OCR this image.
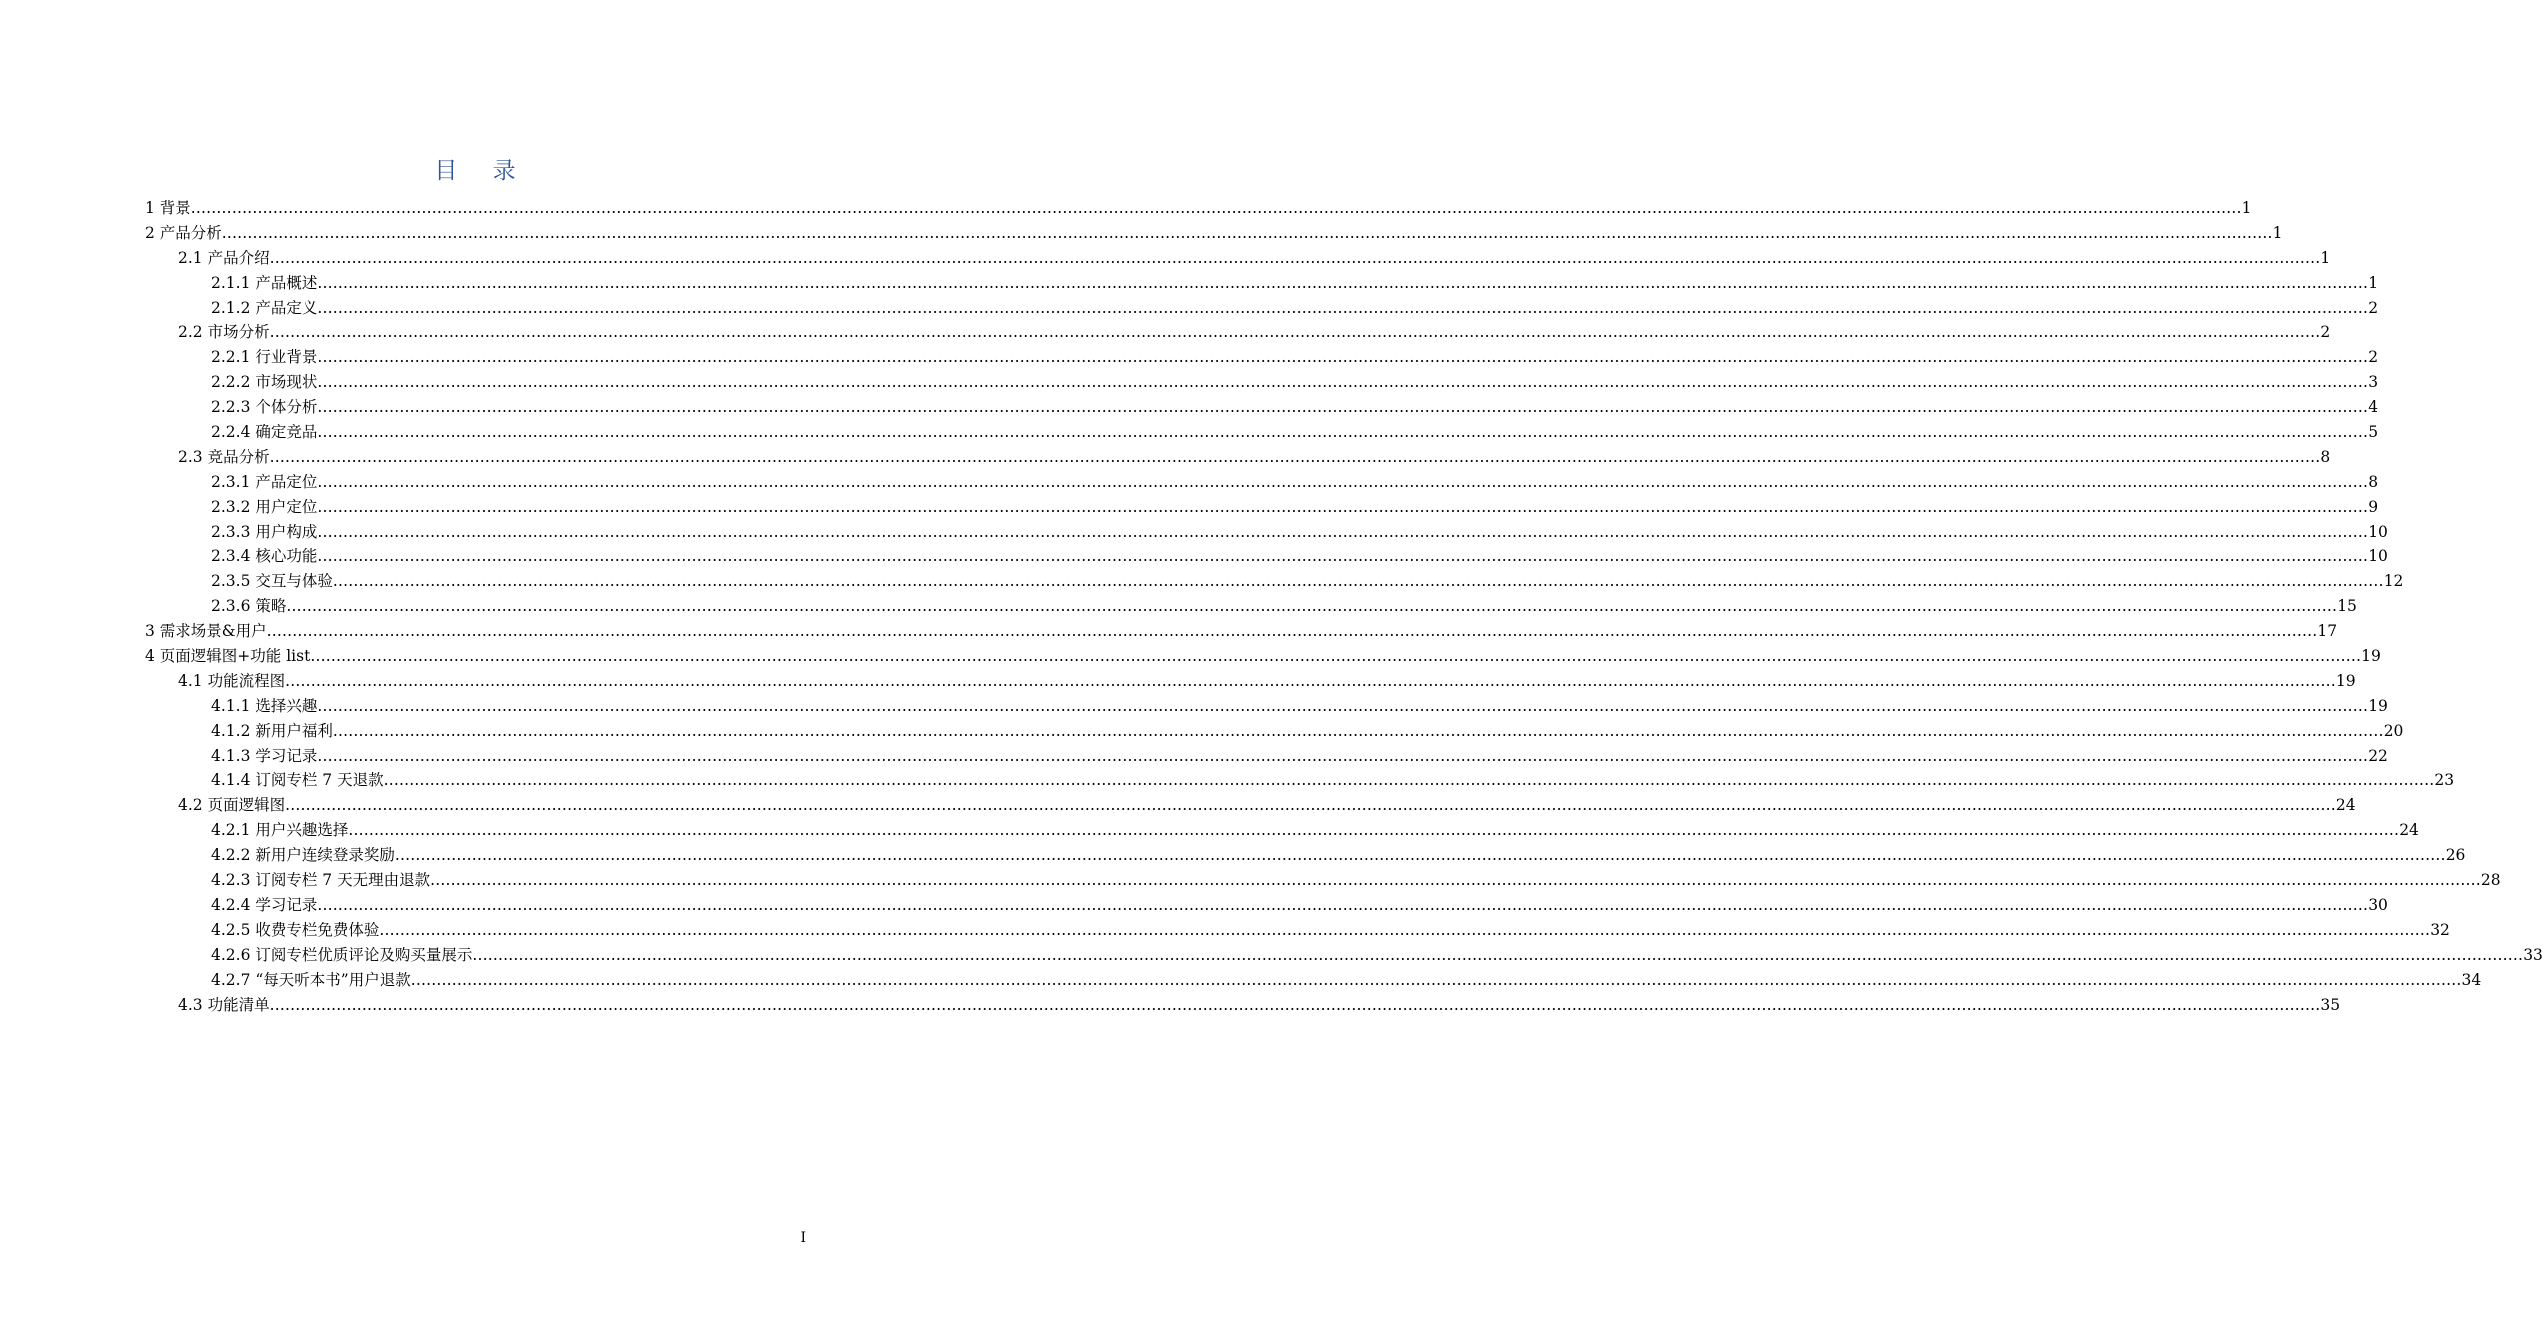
目 录
1 背景 ................................................................................................................................................................................................................................................................................................................................................................................................................ 1
2 产品分析 ................................................................................................................................................................................................................................................................................................................................................................................................................ 1
2.1 产品介绍 ................................................................................................................................................................................................................................................................................................................................................................................................................ 1
2.1.1 产品概述 ................................................................................................................................................................................................................................................................................................................................................................................................................ 1
2.1.2 产品定义 ................................................................................................................................................................................................................................................................................................................................................................................................................ 2
2.2 市场分析 ................................................................................................................................................................................................................................................................................................................................................................................................................ 2
2.2.1 行业背景 ................................................................................................................................................................................................................................................................................................................................................................................................................ 2
2.2.2 市场现状 ................................................................................................................................................................................................................................................................................................................................................................................................................ 3
2.2.3 个体分析 ................................................................................................................................................................................................................................................................................................................................................................................................................ 4
2.2.4 确定竞品 ................................................................................................................................................................................................................................................................................................................................................................................................................ 5
2.3 竞品分析 ................................................................................................................................................................................................................................................................................................................................................................................................................ 8
2.3.1 产品定位 ................................................................................................................................................................................................................................................................................................................................................................................................................ 8
2.3.2 用户定位 ................................................................................................................................................................................................................................................................................................................................................................................................................ 9
2.3.3 用户构成 ................................................................................................................................................................................................................................................................................................................................................................................................................ 10
2.3.4 核心功能 ................................................................................................................................................................................................................................................................................................................................................................................................................ 10
2.3.5 交互与体验 ................................................................................................................................................................................................................................................................................................................................................................................................................ 12
2.3.6 策略 ................................................................................................................................................................................................................................................................................................................................................................................................................ 15
3 需求场景&用户 ................................................................................................................................................................................................................................................................................................................................................................................................................ 17
4 页面逻辑图+功能 list ................................................................................................................................................................................................................................................................................................................................................................................................................ 19
4.1 功能流程图 ................................................................................................................................................................................................................................................................................................................................................................................................................ 19
4.1.1 选择兴趣 ................................................................................................................................................................................................................................................................................................................................................................................................................ 19
4.1.2 新用户福利 ................................................................................................................................................................................................................................................................................................................................................................................................................ 20
4.1.3 学习记录 ................................................................................................................................................................................................................................................................................................................................................................................................................ 22
4.1.4 订阅专栏 7 天退款 ................................................................................................................................................................................................................................................................................................................................................................................................................ 23
4.2 页面逻辑图 ................................................................................................................................................................................................................................................................................................................................................................................................................ 24
4.2.1 用户兴趣选择 ................................................................................................................................................................................................................................................................................................................................................................................................................ 24
4.2.2 新用户连续登录奖励 ................................................................................................................................................................................................................................................................................................................................................................................................................ 26
4.2.3 订阅专栏 7 天无理由退款 ................................................................................................................................................................................................................................................................................................................................................................................................................ 28
4.2.4 学习记录 ................................................................................................................................................................................................................................................................................................................................................................................................................ 30
4.2.5 收费专栏免费体验 ................................................................................................................................................................................................................................................................................................................................................................................................................ 32
4.2.6 订阅专栏优质评论及购买量展示 ................................................................................................................................................................................................................................................................................................................................................................................................................ 33
4.2.7 “每天听本书”用户退款 ................................................................................................................................................................................................................................................................................................................................................................................................................ 34
4.3 功能清单 ................................................................................................................................................................................................................................................................................................................................................................................................................ 35
I
